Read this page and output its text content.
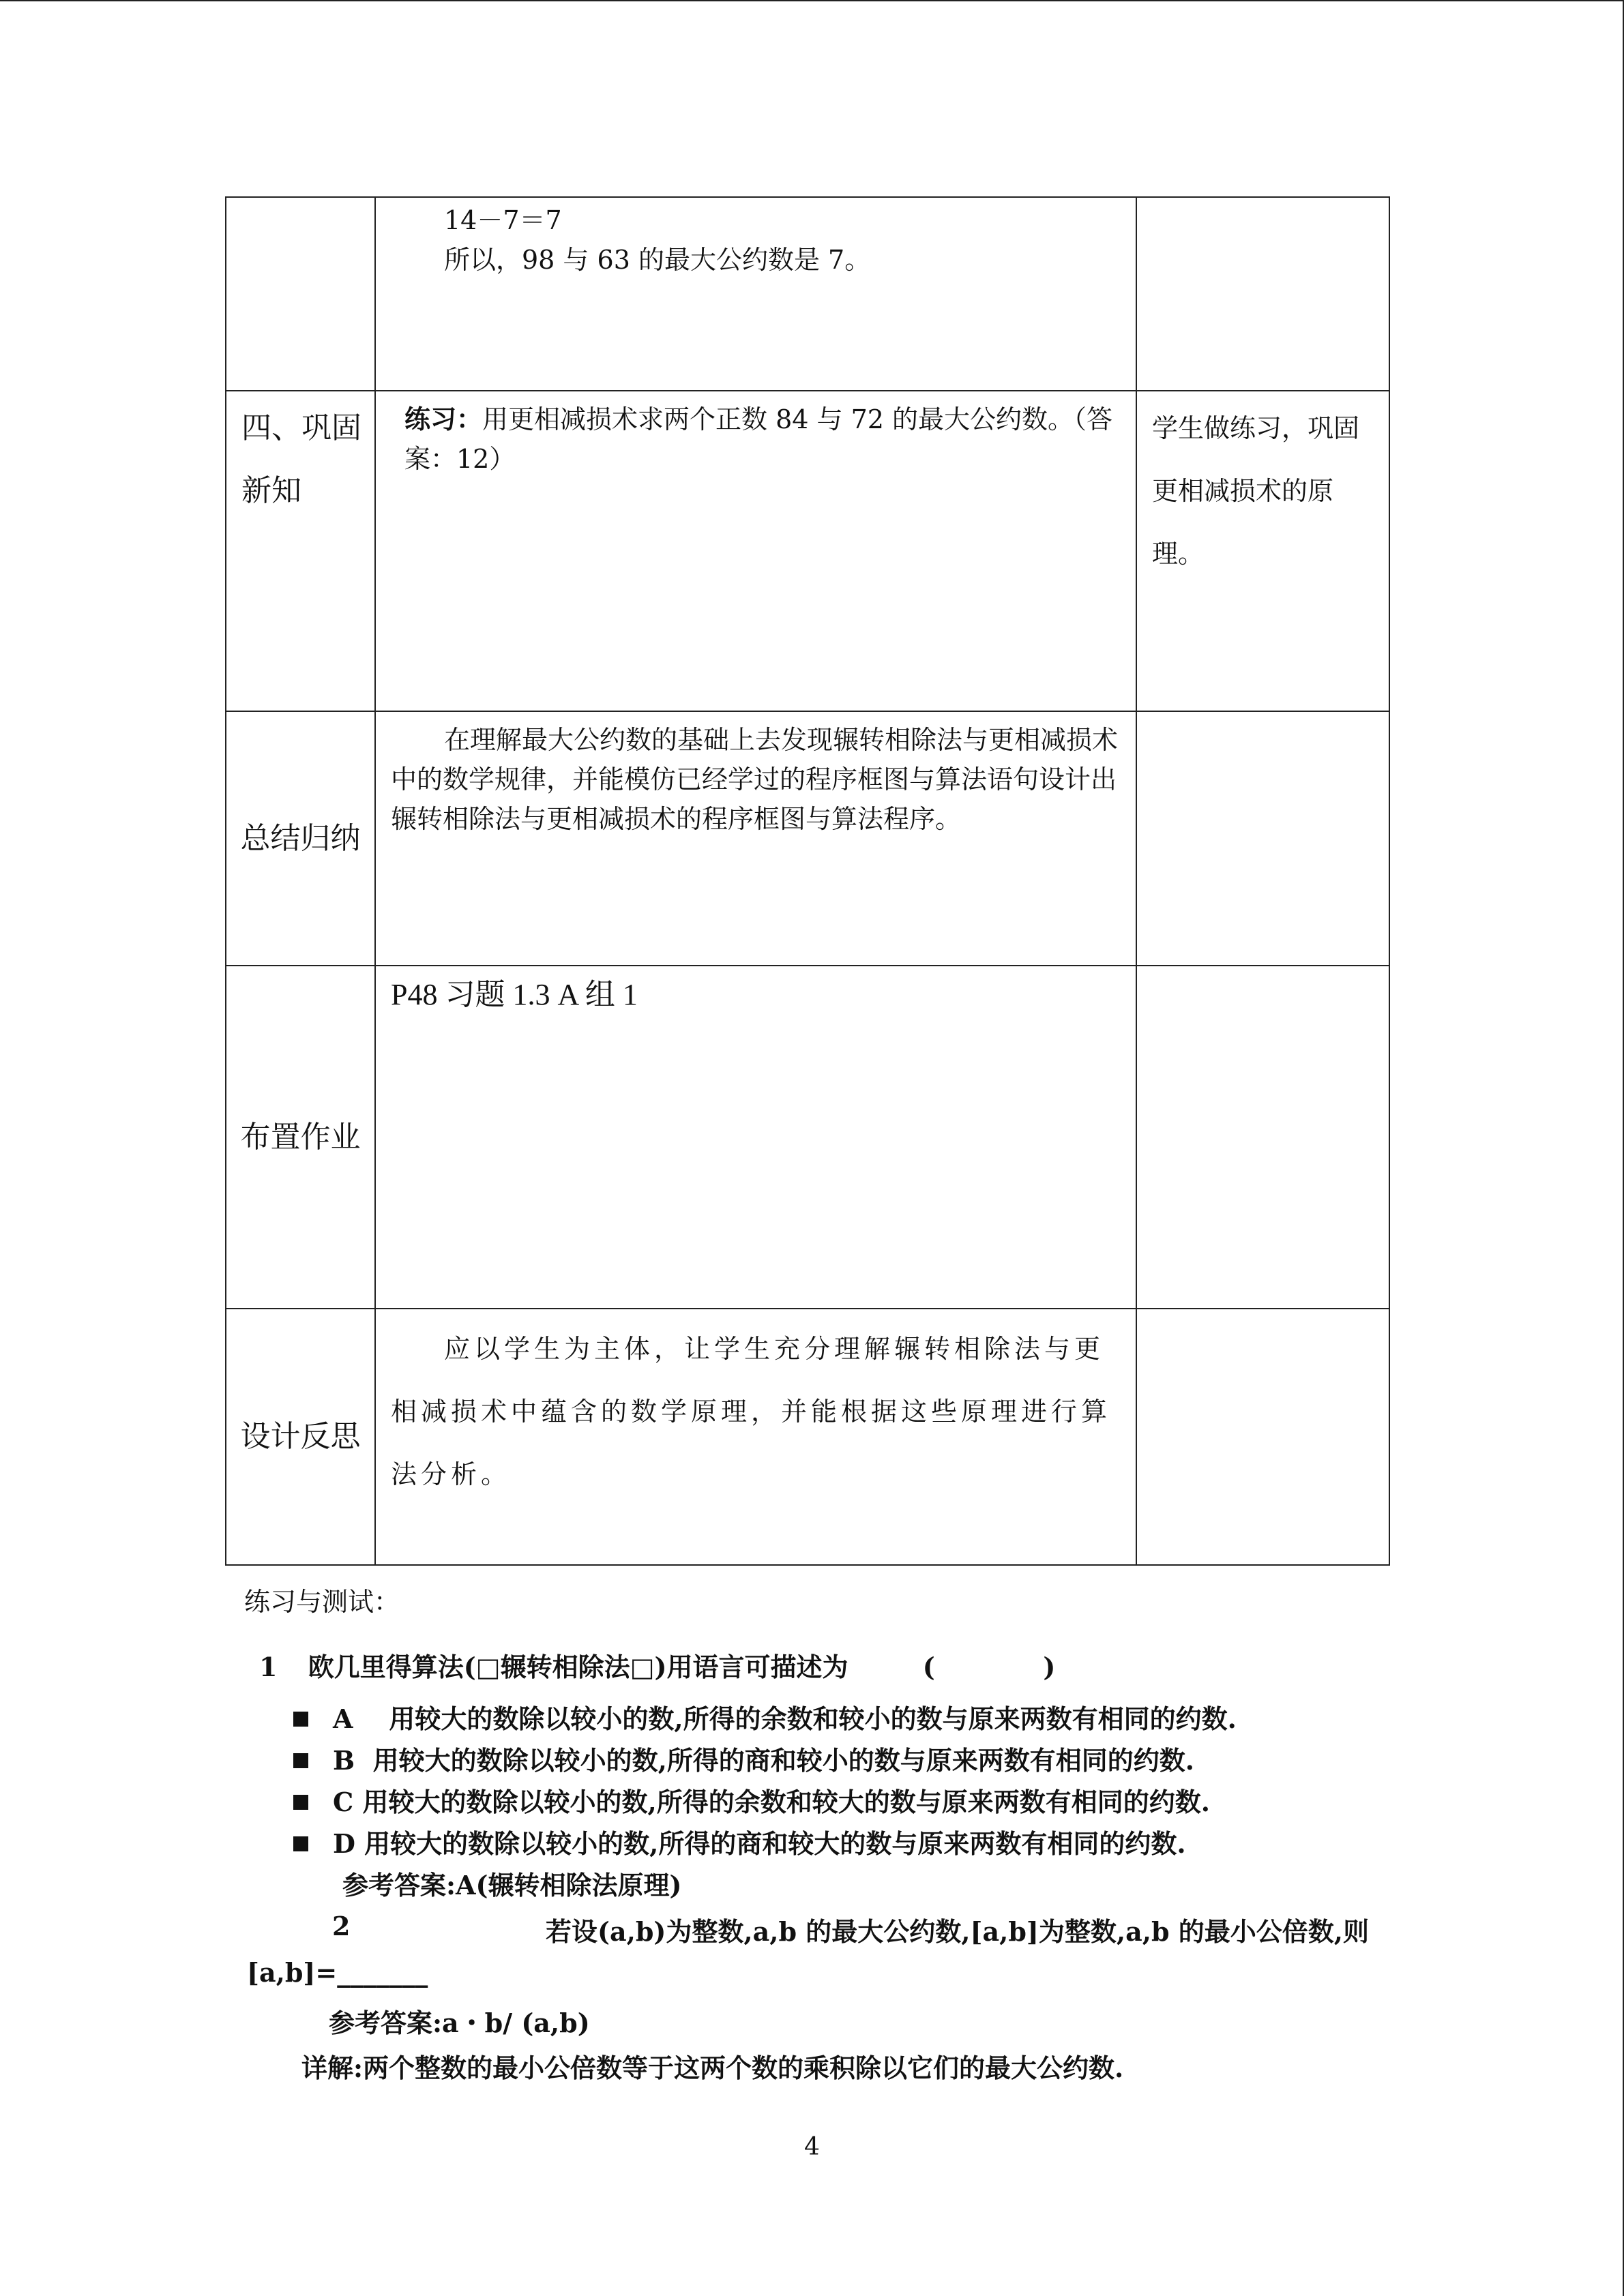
	14－7＝7
所以，98 与 63 的最大公约数是 7。	

四、巩固新知	练习：用更相减损术求两个正数 84 与 72 的最大公约数。（答案：12）	学生做练习，巩固更相减损术的原理。
总结归纳	在理解最大公约数的基础上去发现辗转相除法与更相减损术中的数学规律，并能模仿已经学过的程序框图与算法语句设计出辗转相除法与更相减损术的程序框图与算法程序。	
布置作业	P48 习题 1.3 A 组 1	
设计反思	应以学生为主体，让学生充分理解辗转相除法与更相减损术中蕴含的数学原理，并能根据这些原理进行算法分析。	
练习与测试：
1 欧几里得算法(□辗转相除法□)用语言可描述为	(            )
A    用较大的数除以较小的数,所得的余数和较小的数与原来两数有相同的约数.
B  用较大的数除以较小的数,所得的商和较小的数与原来两数有相同的约数.
C 用较大的数除以较小的数,所得的余数和较大的数与原来两数有相同的约数.
D 用较大的数除以较小的数,所得的商和较大的数与原来两数有相同的约数.
参考答案:A(辗转相除法原理)
2	若设(a,b)为整数,a,b 的最大公约数,[a,b]为整数,a,b 的最小公倍数,则
[a,b]=_______
参考答案:a・b/ (a,b)
详解:两个整数的最小公倍数等于这两个数的乘积除以它们的最大公约数.
4
